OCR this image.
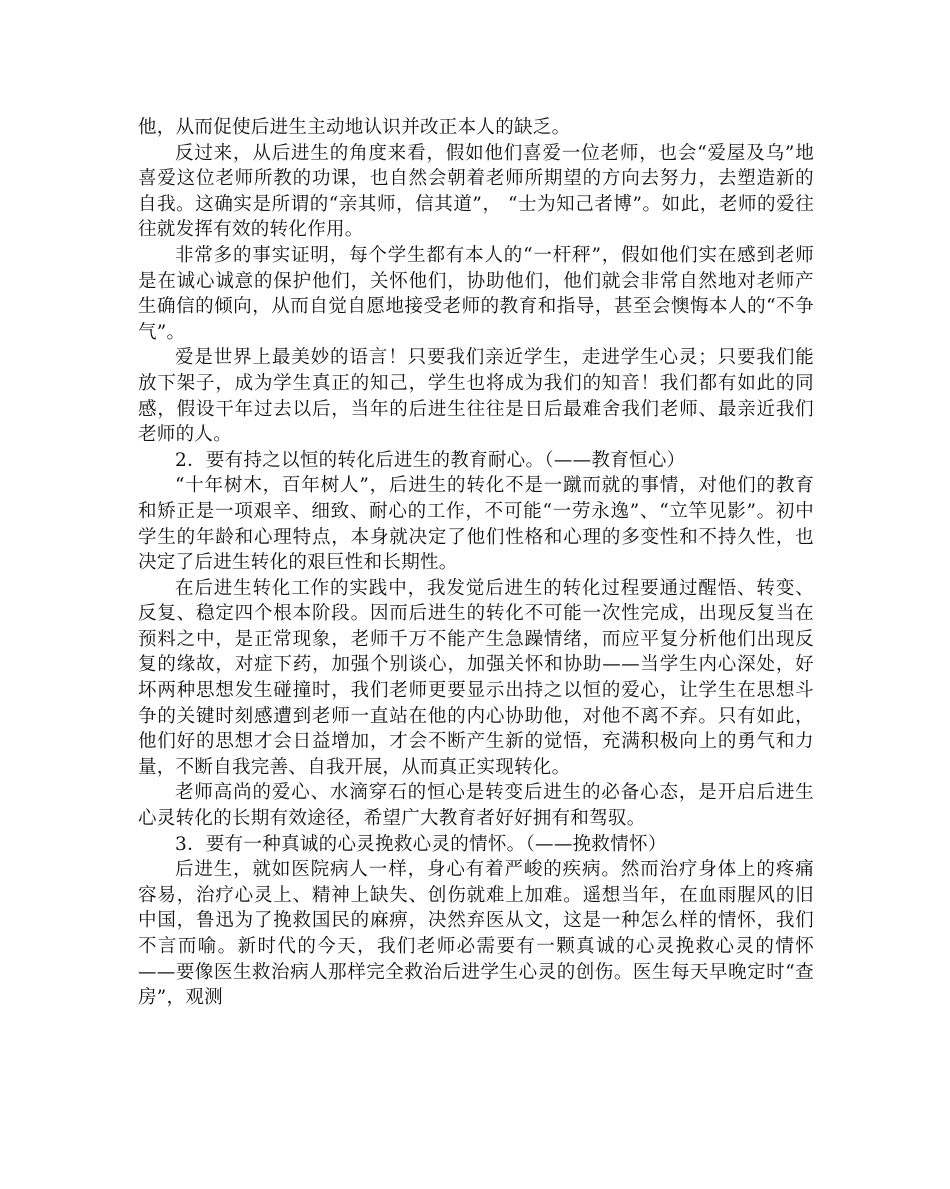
他，从而促使后进生主动地认识并改正本人的缺乏。

反过来，从后进生的角度来看，假如他们喜爱一位老师，也会“爱屋及乌”地喜爱这位老师所教的功课，也自然会朝着老师所期望的方向去努力，去塑造新的自我。这确实是所谓的“亲其师，信其道”， “士为知己者博”。如此，老师的爱往往就发挥有效的转化作用。

非常多的事实证明，每个学生都有本人的“一杆秤”，假如他们实在感到老师是在诚心诚意的保护他们，关怀他们，协助他们，他们就会非常自然地对老师产生确信的倾向，从而自觉自愿地接受老师的教育和指导，甚至会懊悔本人的“不争气”。

爱是世界上最美妙的语言！只要我们亲近学生，走进学生心灵；只要我们能放下架子，成为学生真正的知己，学生也将成为我们的知音！我们都有如此的同感，假设干年过去以后，当年的后进生往往是日后最难舍我们老师、最亲近我们老师的人。

2．要有持之以恒的转化后进生的教育耐心。（——教育恒心）

“十年树木，百年树人”，后进生的转化不是一蹴而就的事情，对他们的教育和矫正是一项艰辛、细致、耐心的工作，不可能“一劳永逸”、“立竿见影”。初中学生的年龄和心理特点，本身就决定了他们性格和心理的多变性和不持久性，也决定了后进生转化的艰巨性和长期性。

在后进生转化工作的实践中，我发觉后进生的转化过程要通过醒悟、转变、反复、稳定四个根本阶段。因而后进生的转化不可能一次性完成，出现反复当在预料之中，是正常现象，老师千万不能产生急躁情绪，而应平复分析他们出现反复的缘故，对症下药，加强个别谈心，加强关怀和协助——当学生内心深处，好坏两种思想发生碰撞时，我们老师更要显示出持之以恒的爱心，让学生在思想斗争的关键时刻感遭到老师一直站在他的内心协助他，对他不离不弃。只有如此，他们好的思想才会日益增加，才会不断产生新的觉悟，充满积极向上的勇气和力量，不断自我完善、自我开展，从而真正实现转化。

老师高尚的爱心、水滴穿石的恒心是转变后进生的必备心态，是开启后进生心灵转化的长期有效途径，希望广大教育者好好拥有和驾驭。

3．要有一种真诚的心灵挽救心灵的情怀。（——挽救情怀）

后进生，就如医院病人一样，身心有着严峻的疾病。然而治疗身体上的疼痛容易，治疗心灵上、精神上缺失、创伤就难上加难。遥想当年，在血雨腥风的旧中国，鲁迅为了挽救国民的麻痹，决然弃医从文，这是一种怎么样的情怀，我们不言而喻。新时代的今天，我们老师必需要有一颗真诚的心灵挽救心灵的情怀——要像医生救治病人那样完全救治后进学生心灵的创伤。医生每天早晚定时“查房”，观测
